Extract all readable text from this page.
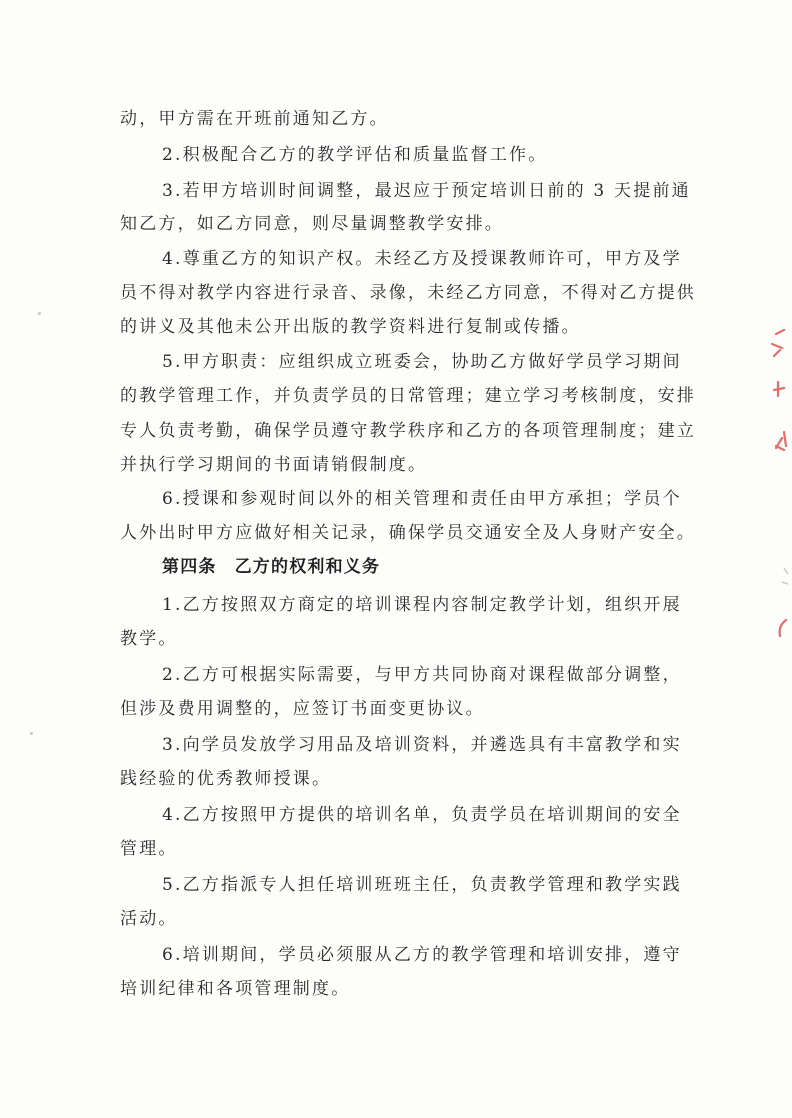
动，甲方需在开班前通知乙方。
2.积极配合乙方的教学评估和质量监督工作。
3.若甲方培训时间调整，最迟应于预定培训日前的 3 天提前通
知乙方，如乙方同意，则尽量调整教学安排。
4.尊重乙方的知识产权。未经乙方及授课教师许可，甲方及学
员不得对教学内容进行录音、录像，未经乙方同意，不得对乙方提供
的讲义及其他未公开出版的教学资料进行复制或传播。
5.甲方职责：应组织成立班委会，协助乙方做好学员学习期间
的教学管理工作，并负责学员的日常管理；建立学习考核制度，安排
专人负责考勤，确保学员遵守教学秩序和乙方的各项管理制度；建立
并执行学习期间的书面请销假制度。
6.授课和参观时间以外的相关管理和责任由甲方承担；学员个
人外出时甲方应做好相关记录，确保学员交通安全及人身财产安全。
第四条 乙方的权利和义务
1.乙方按照双方商定的培训课程内容制定教学计划，组织开展
教学。
2.乙方可根据实际需要，与甲方共同协商对课程做部分调整，
但涉及费用调整的，应签订书面变更协议。
3.向学员发放学习用品及培训资料，并遴选具有丰富教学和实
践经验的优秀教师授课。
4.乙方按照甲方提供的培训名单，负责学员在培训期间的安全
管理。
5.乙方指派专人担任培训班班主任，负责教学管理和教学实践
活动。
6.培训期间，学员必须服从乙方的教学管理和培训安排，遵守
培训纪律和各项管理制度。
